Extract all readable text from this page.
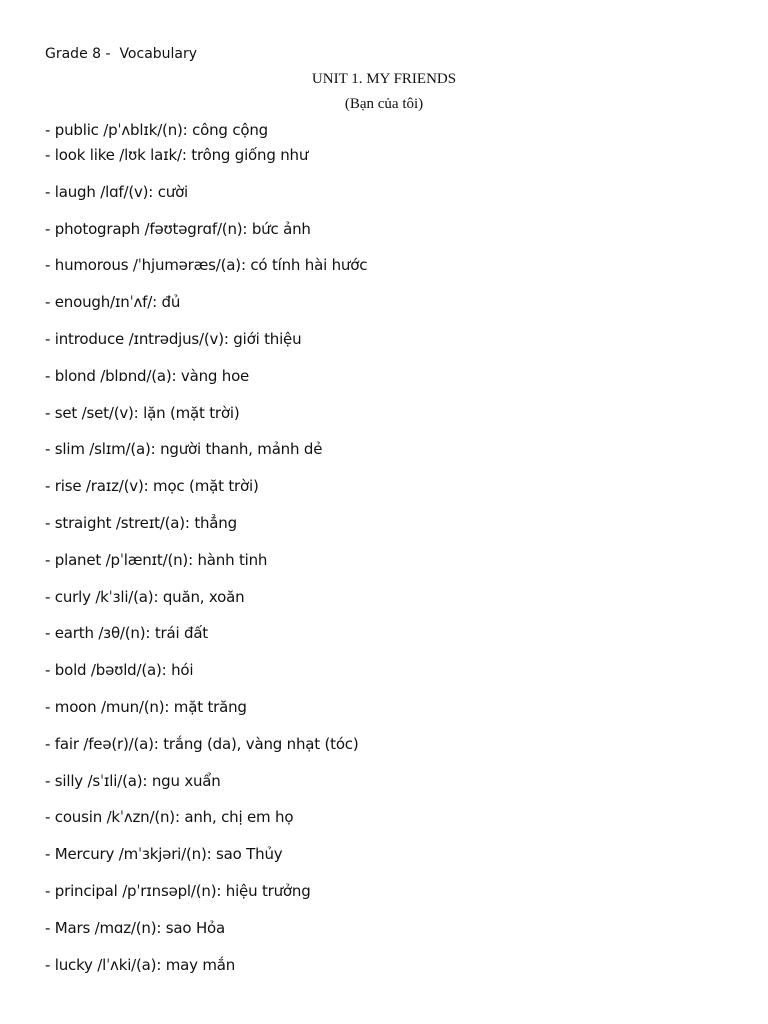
Grade 8 -  Vocabulary
UNIT 1. MY FRIENDS
(Bạn của tôi)
- public /pˈʌblɪk/(n): công cộng
- look like /lʊk laɪk/: trông giống như
- laugh /lɑf/(v): cười
- photograph /fəʊtəgrɑf/(n): bức ảnh
- humorous /ˈhjuməræs/(a): có tính hài hước
- enough/ɪnˈʌf/: đủ
- introduce /ɪntrədjus/(v): giới thiệu
- blond /blɒnd/(a): vàng hoe
- set /set/(v): lặn (mặt trời)
- slim /slɪm/(a): người thanh, mảnh dẻ
- rise /raɪz/(v): mọc (mặt trời)
- straight /streɪt/(a): thẳng
- planet /pˈlænɪt/(n): hành tinh
- curly /kˈɜli/(a): quăn, xoăn
- earth /ɜθ/(n): trái đất
- bold /bəʊld/(a): hói
- moon /mun/(n): mặt trăng
- fair /feə(r)/(a): trắng (da), vàng nhạt (tóc)
- silly /sˈɪli/(a): ngu xuẩn
- cousin /kˈʌzn/(n): anh, chị em họ
- Mercury /mˈɜkjəri/(n): sao Thủy
- principal /pˈrɪnsəpl/(n): hiệu trưởng
- Mars /mɑz/(n): sao Hỏa
- lucky /lˈʌki/(a): may mắn
